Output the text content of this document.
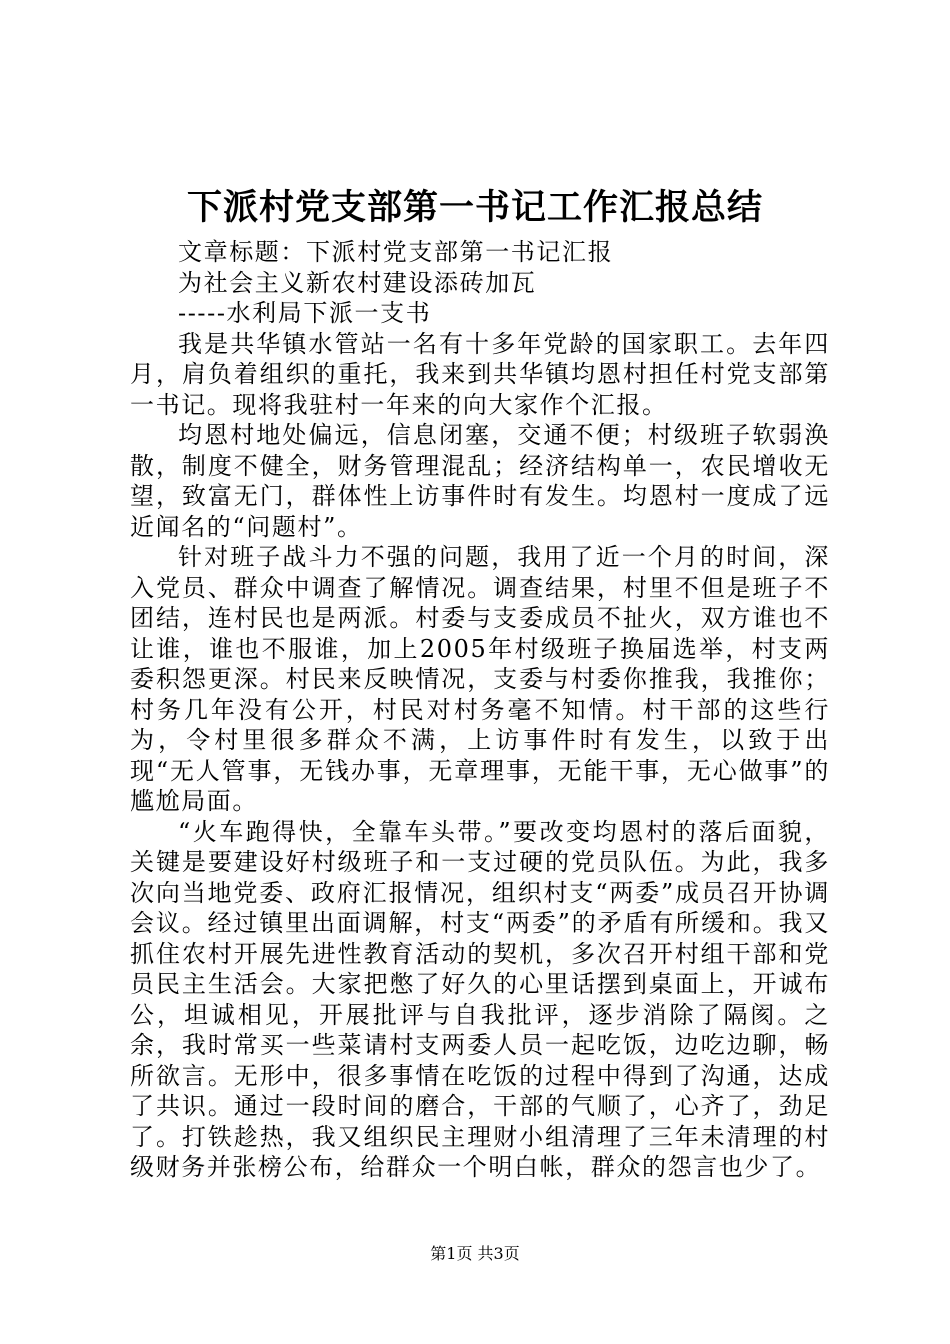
下派村党支部第一书记工作汇报总结

文章标题：下派村党支部第一书记汇报

为社会主义新农村建设添砖加瓦

-----水利局下派一支书

我是共华镇水管站一名有十多年党龄的国家职工。去年四月，肩负着组织的重托，我来到共华镇均恩村担任村党支部第一书记。现将我驻村一年来的向大家作个汇报。

均恩村地处偏远，信息闭塞，交通不便；村级班子软弱涣散，制度不健全，财务管理混乱；经济结构单一，农民增收无望，致富无门，群体性上访事件时有发生。均恩村一度成了远近闻名的“问题村”。

针对班子战斗力不强的问题，我用了近一个月的时间，深入党员、群众中调查了解情况。调查结果，村里不但是班子不团结，连村民也是两派。村委与支委成员不扯火，双方谁也不让谁，谁也不服谁，加上2005年村级班子换届选举，村支两委积怨更深。村民来反映情况，支委与村委你推我，我推你；村务几年没有公开，村民对村务毫不知情。村干部的这些行为，令村里很多群众不满，上访事件时有发生，以致于出现“无人管事，无钱办事，无章理事，无能干事，无心做事”的尴尬局面。

“火车跑得快，全靠车头带。”要改变均恩村的落后面貌，关键是要建设好村级班子和一支过硬的党员队伍。为此，我多次向当地党委、政府汇报情况，组织村支“两委”成员召开协调会议。经过镇里出面调解，村支“两委”的矛盾有所缓和。我又抓住农村开展先进性教育活动的契机，多次召开村组干部和党员民主生活会。大家把憋了好久的心里话摆到桌面上，开诚布公，坦诚相见，开展批评与自我批评，逐步消除了隔阂。之余，我时常买一些菜请村支两委人员一起吃饭，边吃边聊，畅所欲言。无形中，很多事情在吃饭的过程中得到了沟通，达成了共识。通过一段时间的磨合，干部的气顺了，心齐了，劲足了。打铁趁热，我又组织民主理财小组清理了三年未清理的村级财务并张榜公布，给群众一个明白帐，群众的怨言也少了。

第1页 共3页
